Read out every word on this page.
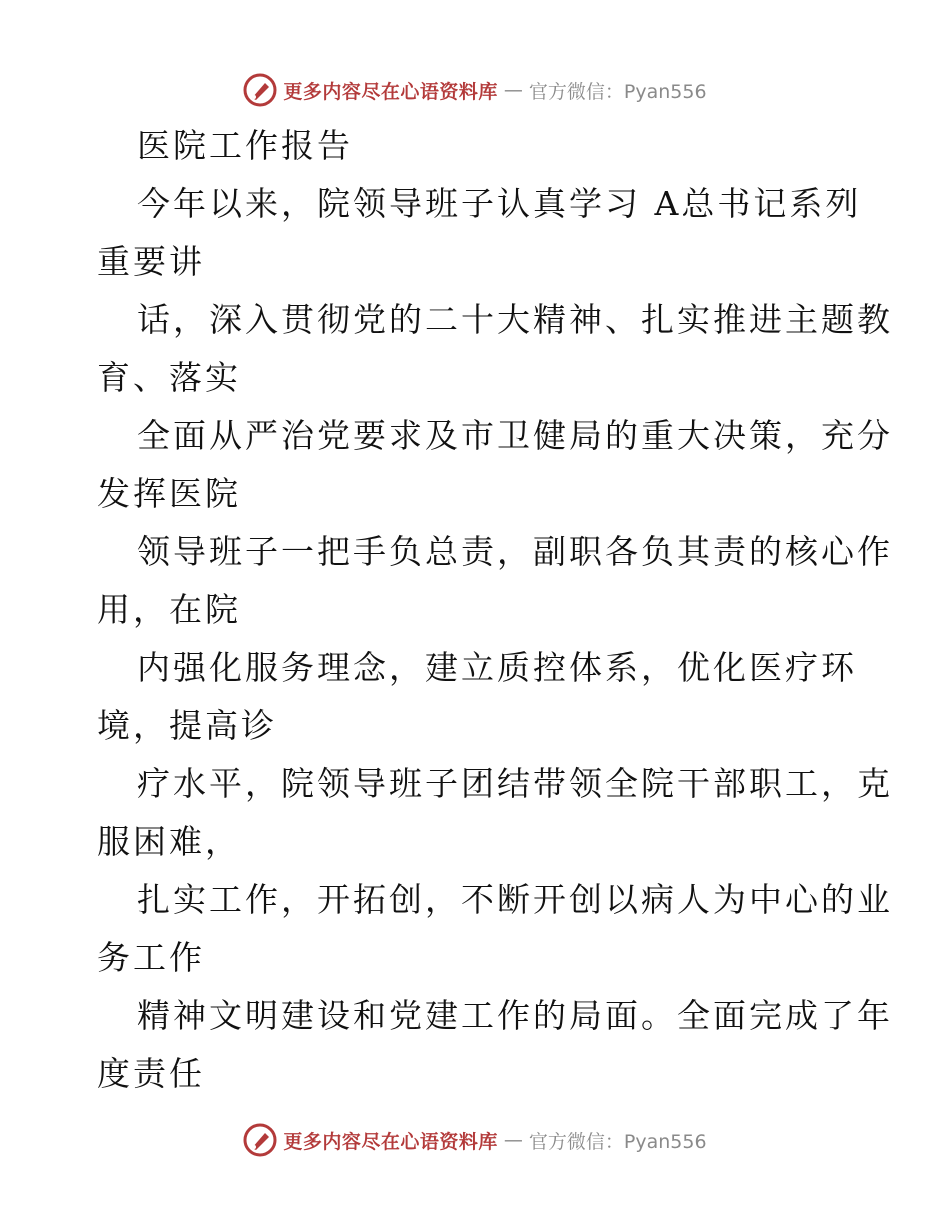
更多内容尽在心语资料库 — 官方微信：Pyan556
医院工作报告
今年以来，院领导班子认真学习 A总书记系列
重要讲
话，深入贯彻党的二十大精神、扎实推进主题教
育、落实
全面从严治党要求及市卫健局的重大决策，充分
发挥医院
领导班子一把手负总责，副职各负其责的核心作
用，在院
内强化服务理念，建立质控体系，优化医疗环
境，提高诊
疗水平，院领导班子团结带领全院干部职工，克
服困难，
扎实工作，开拓创，不断开创以病人为中心的业
务工作
精神文明建设和党建工作的局面。全面完成了年
度责任
更多内容尽在心语资料库 — 官方微信：Pyan556
